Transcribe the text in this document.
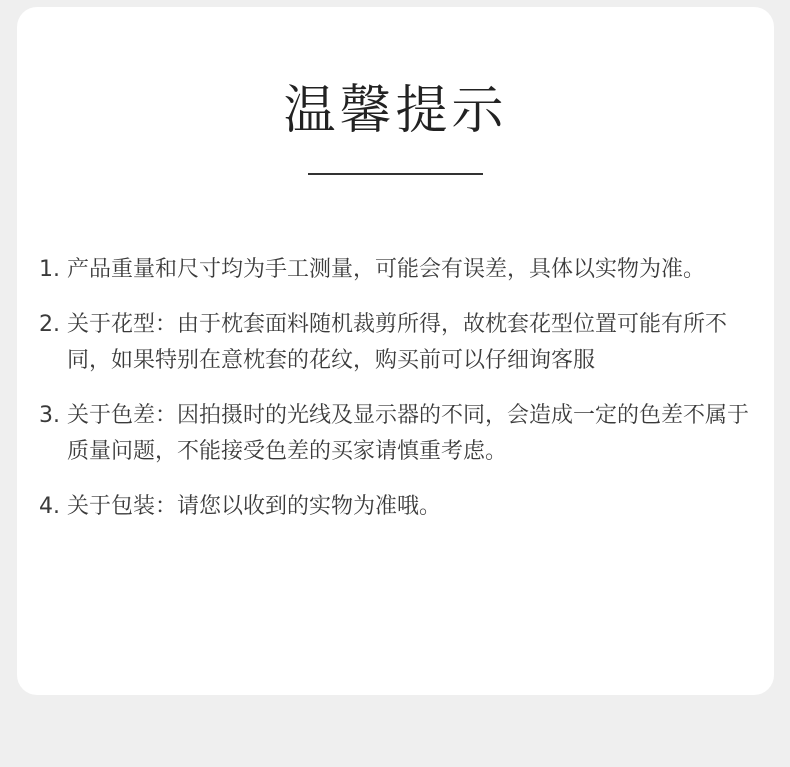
温馨提示
1. 产品重量和尺寸均为手工测量，可能会有误差，具体以实物为准。
2. 关于花型：由于枕套面料随机裁剪所得，故枕套花型位置可能有所不同，如果特别在意枕套的花纹，购买前可以仔细询客服
3. 关于色差：因拍摄时的光线及显示器的不同，会造成一定的色差不属于质量问题，不能接受色差的买家请慎重考虑。
4. 关于包装：请您以收到的实物为准哦。
